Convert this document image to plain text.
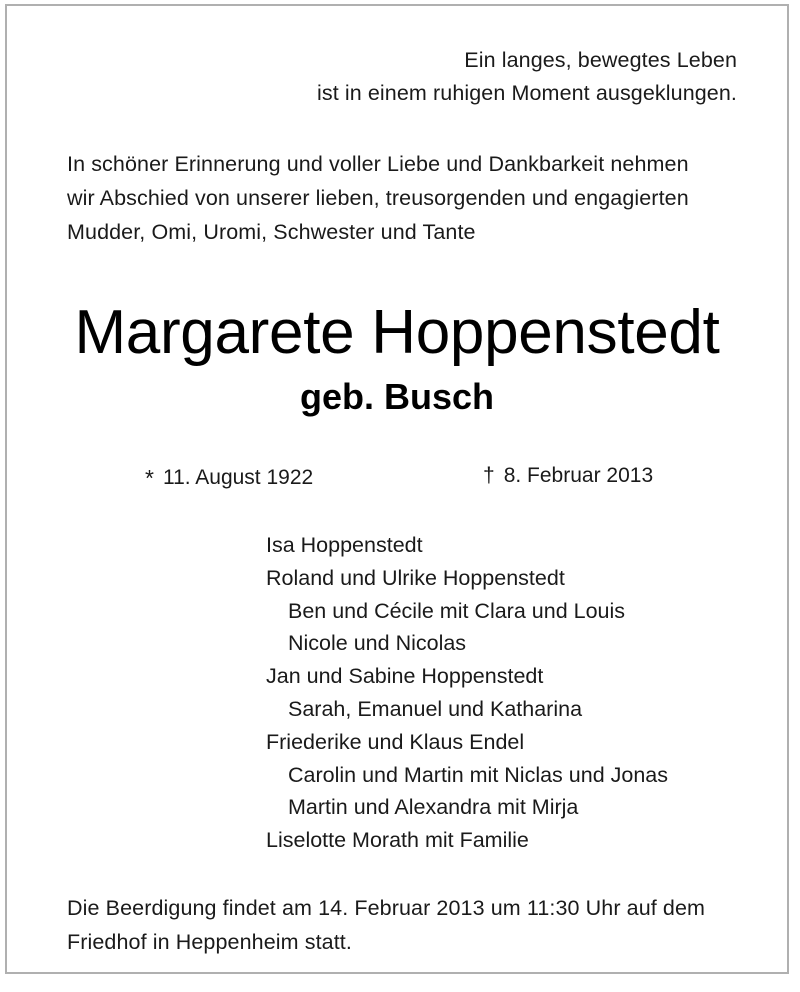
Ein langes, bewegtes Leben
ist in einem ruhigen Moment ausgeklungen.
In schöner Erinnerung und voller Liebe und Dankbarkeit nehmen
wir Abschied von unserer lieben, treusorgenden und engagierten
Mudder, Omi, Uromi, Schwester und Tante
Margarete Hoppenstedt
geb. Busch
* 11. August 1922	† 8. Februar 2013
Isa Hoppenstedt
Roland und Ulrike Hoppenstedt
Ben und Cécile mit Clara und Louis
Nicole und Nicolas
Jan und Sabine Hoppenstedt
Sarah, Emanuel und Katharina
Friederike und Klaus Endel
Carolin und Martin mit Niclas und Jonas
Martin und Alexandra mit Mirja
Liselotte Morath mit Familie
Die Beerdigung findet am 14. Februar 2013 um 11:30 Uhr auf dem
Friedhof in Heppenheim statt.
